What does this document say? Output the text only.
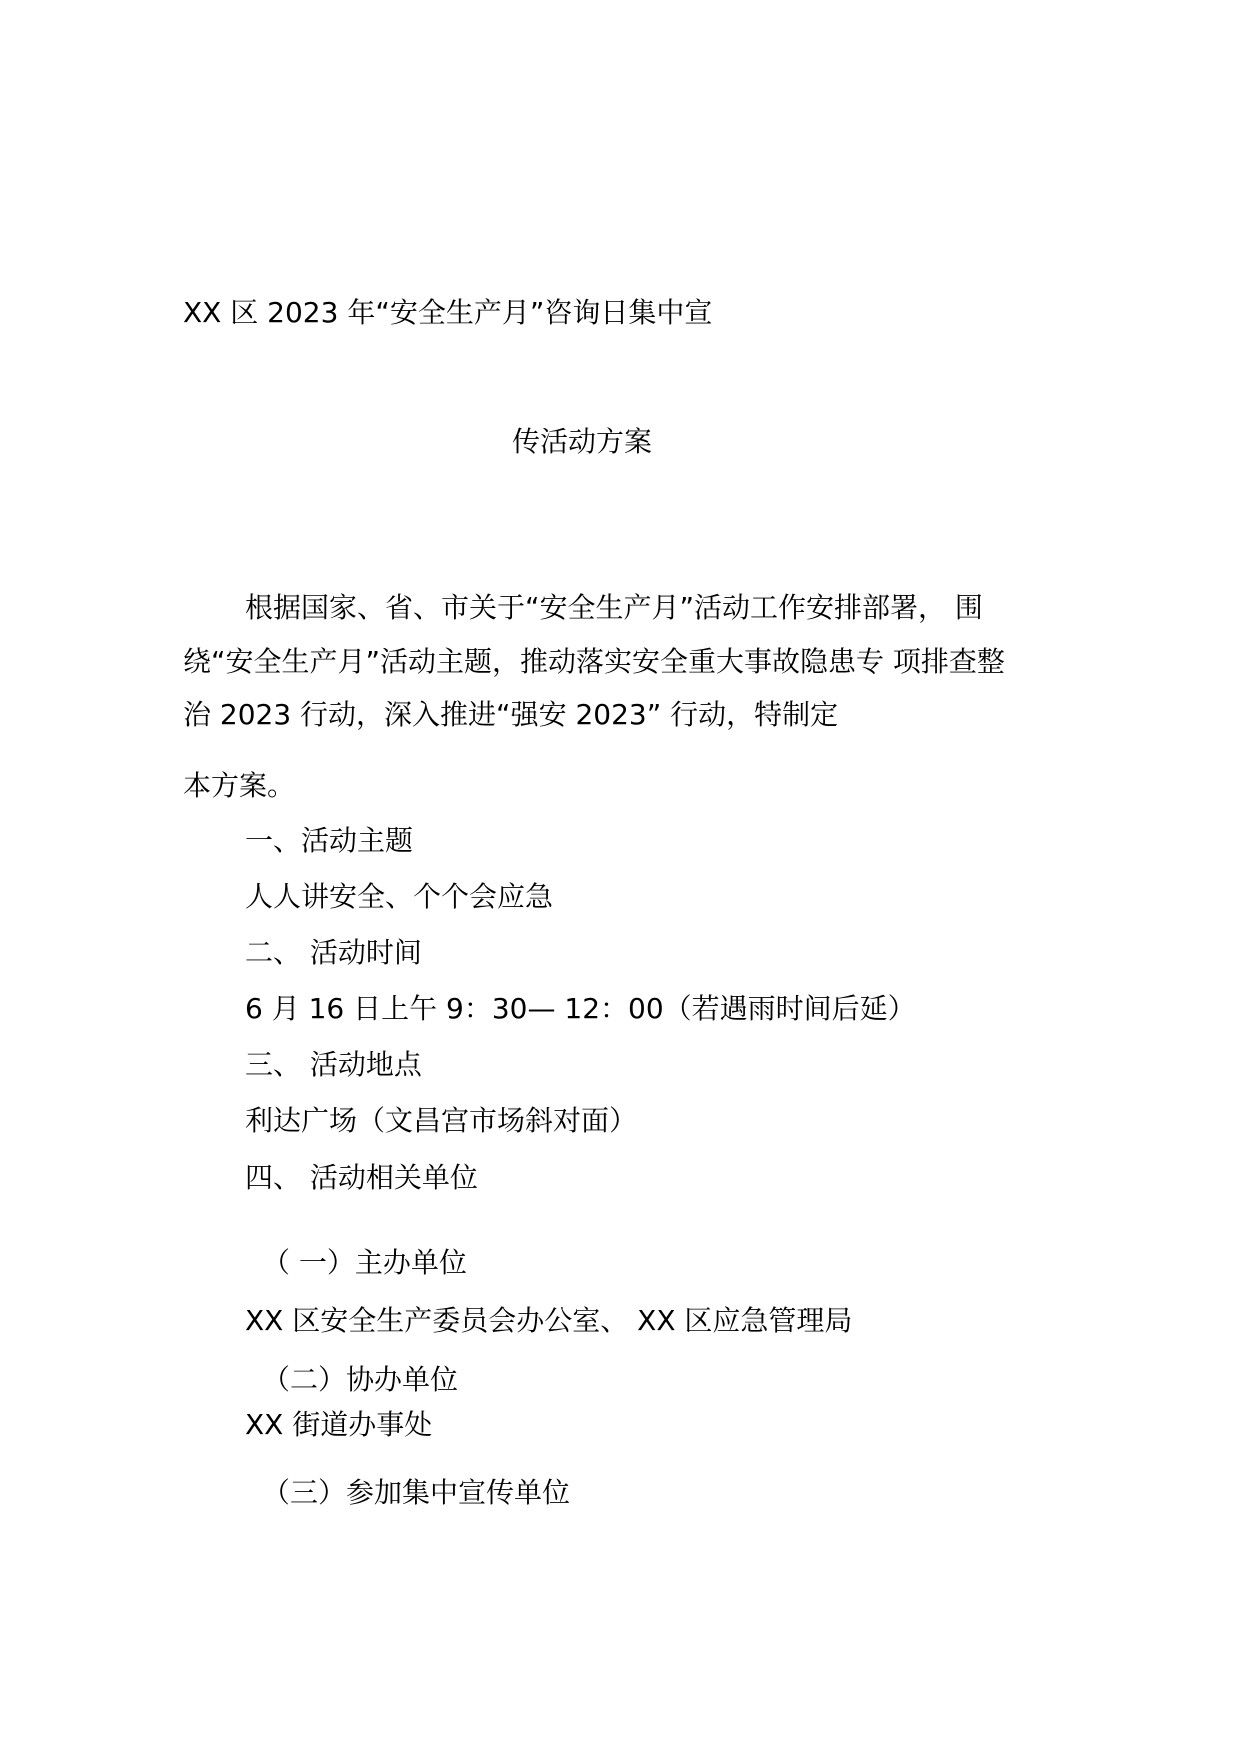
XX 区 2023 年“安全生产月”咨询日集中宣
传活动方案
根据国家、省、市关于“安全生产月”活动工作安排部署， 围
绕“安全生产月”活动主题，推动落实安全重大事故隐患专 项排查整
治 2023 行动，深入推进“强安 2023” 行动，特制定
本方案。
一、活动主题
人人讲安全、个个会应急
二、 活动时间
6 月 16 日上午 9：30— 12：00（若遇雨时间后延）
三、 活动地点
利达广场（文昌宫市场斜对面）
四、 活动相关单位
（ 一）主办单位
XX 区安全生产委员会办公室、 XX 区应急管理局
（二）协办单位
XX 街道办事处
（三）参加集中宣传单位
